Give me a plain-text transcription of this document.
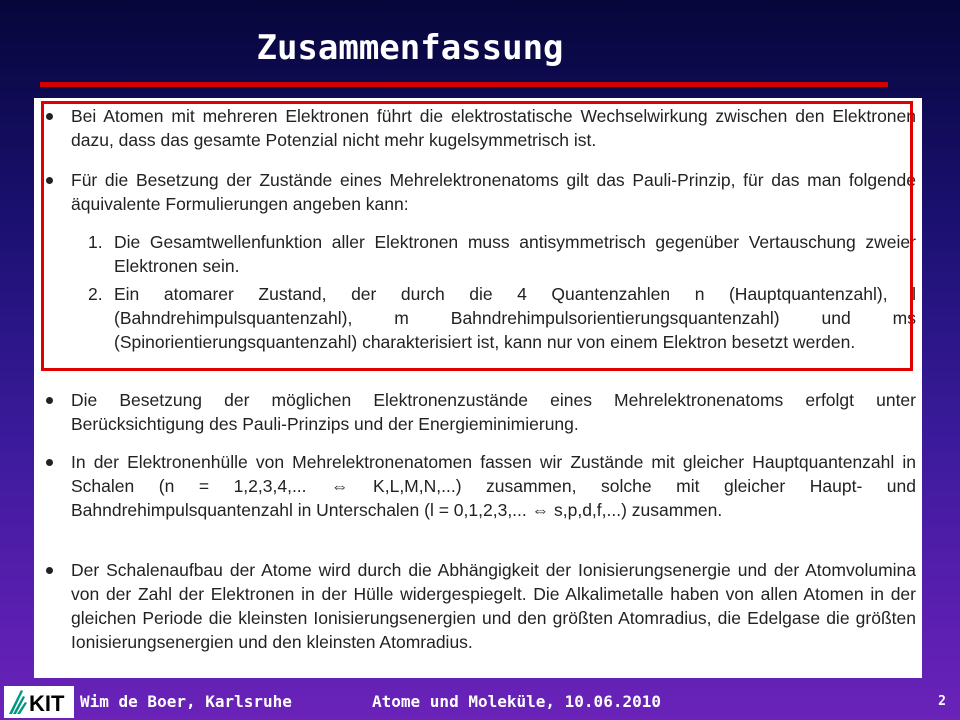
Zusammenfassung
Bei Atomen mit mehreren Elektronen führt die elektrostatische Wechselwirkung zwischen den Elektronen dazu, dass das gesamte Potenzial nicht mehr kugelsymmetrisch ist.
Für die Besetzung der Zustände eines Mehrelektronenatoms gilt das Pauli-Prinzip, für das man folgende äquivalente Formulierungen angeben kann:
1. Die Gesamtwellenfunktion aller Elektronen muss antisymmetrisch gegenüber Vertauschung zweier Elektronen sein.
2. Ein atomarer Zustand, der durch die 4 Quantenzahlen n (Hauptquantenzahl), l (Bahndrehimpulsquantenzahl), m Bahndrehimpulsorientierungsquantenzahl) und ms (Spinorientierungsquantenzahl) charakterisiert ist, kann nur von einem Elektron besetzt werden.
Die Besetzung der möglichen Elektronenzustände eines Mehrelektronenatoms erfolgt unter Berücksichtigung des Pauli-Prinzips und der Energieminimierung.
In der Elektronenhülle von Mehrelektronenatomen fassen wir Zustände mit gleicher Hauptquantenzahl in Schalen (n = 1,2,3,4,... ⇔ K,L,M,N,...) zusammen, solche mit gleicher Haupt- und Bahndrehimpulsquantenzahl in Unterschalen (l = 0,1,2,3,... ⇔ s,p,d,f,...) zusammen.
Der Schalenaufbau der Atome wird durch die Abhängigkeit der Ionisierungsenergie und der Atomvolumina von der Zahl der Elektronen in der Hülle widergespiegelt. Die Alkalimetalle haben von allen Atomen in der gleichen Periode die kleinsten Ionisierungsenergien und den größten Atomradius, die Edelgase die größten Ionisierungsenergien und den kleinsten Atomradius.
KIT Wim de Boer, Karlsruhe	Atome und Moleküle, 10.06.2010	2
